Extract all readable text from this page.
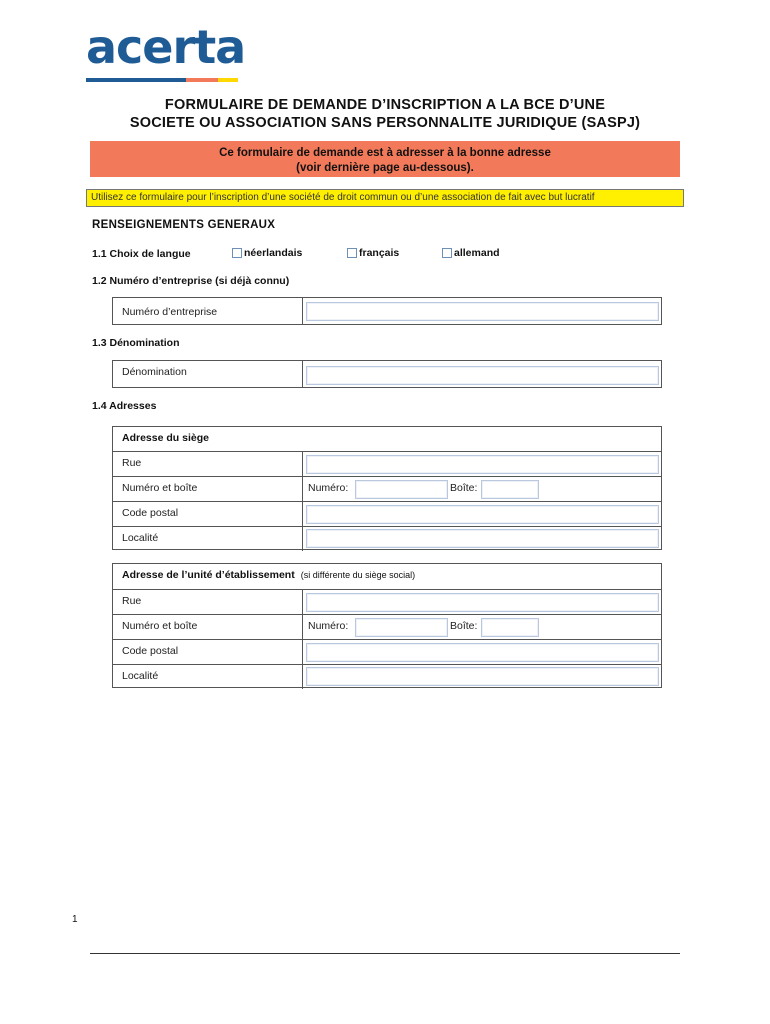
acerta
FORMULAIRE DE DEMANDE D’INSCRIPTION A LA BCE D’UNE
SOCIETE OU ASSOCIATION SANS PERSONNALITE JURIDIQUE (SASPJ)
Ce formulaire de demande est à adresser à la bonne adresse
(voir dernière page au-dessous).
Utilisez ce formulaire pour l’inscription d’une société de droit commun ou d’une association de fait avec but lucratif
RENSEIGNEMENTS GENERAUX
1.1 Choix de langue	néerlandais	français	allemand
1.2 Numéro d’entreprise (si déjà connu)
Numéro d’entreprise
1.3 Dénomination
Dénomination
1.4 Adresses
Adresse du siège
Rue
Numéro et boîte	Numéro:	Boîte:
Code postal
Localité
Adresse de l’unité d’établissement (si différente du siège social)
Rue
Numéro et boîte	Numéro:	Boîte:
Code postal
Localité
1
